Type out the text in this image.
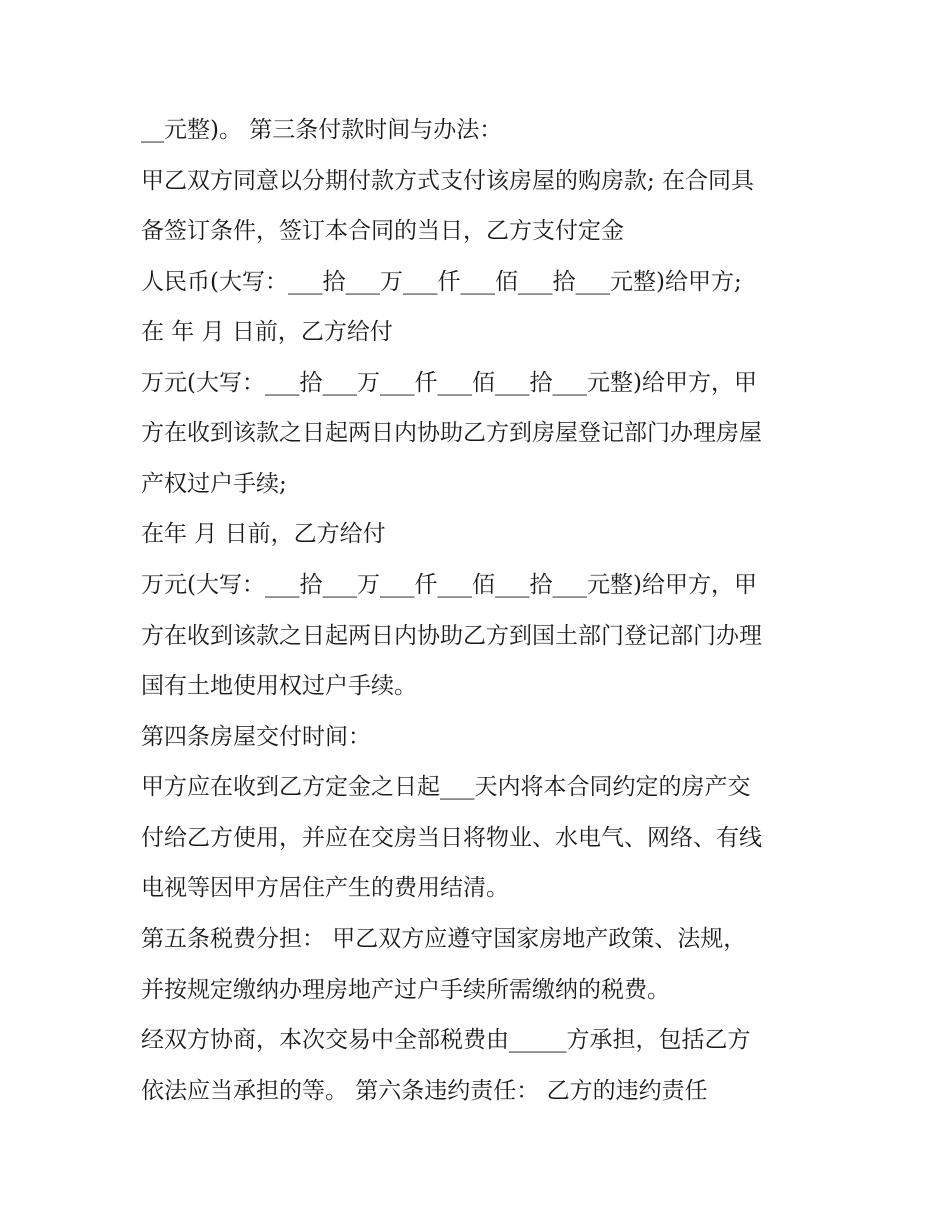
__元整)。 第三条付款时间与办法：

甲乙双方同意以分期付款方式支付该房屋的购房款; 在合同具

备签订条件，签订本合同的当日，乙方支付定金

人民币(大写：___拾___万___仟___佰___拾___元整)给甲方;

在 年 月 日前，乙方给付

万元(大写：___拾___万___仟___佰___拾___元整)给甲方，甲

方在收到该款之日起两日内协助乙方到房屋登记部门办理房屋

产权过户手续;

在年 月 日前，乙方给付

万元(大写：___拾___万___仟___佰___拾___元整)给甲方，甲

方在收到该款之日起两日内协助乙方到国土部门登记部门办理

国有土地使用权过户手续。

第四条房屋交付时间：

甲方应在收到乙方定金之日起___天内将本合同约定的房产交

付给乙方使用，并应在交房当日将物业、水电气、网络、有线

电视等因甲方居住产生的费用结清。

第五条税费分担： 甲乙双方应遵守国家房地产政策、法规，

并按规定缴纳办理房地产过户手续所需缴纳的税费。

经双方协商，本次交易中全部税费由_____方承担，包括乙方

依法应当承担的等。 第六条违约责任： 乙方的违约责任
